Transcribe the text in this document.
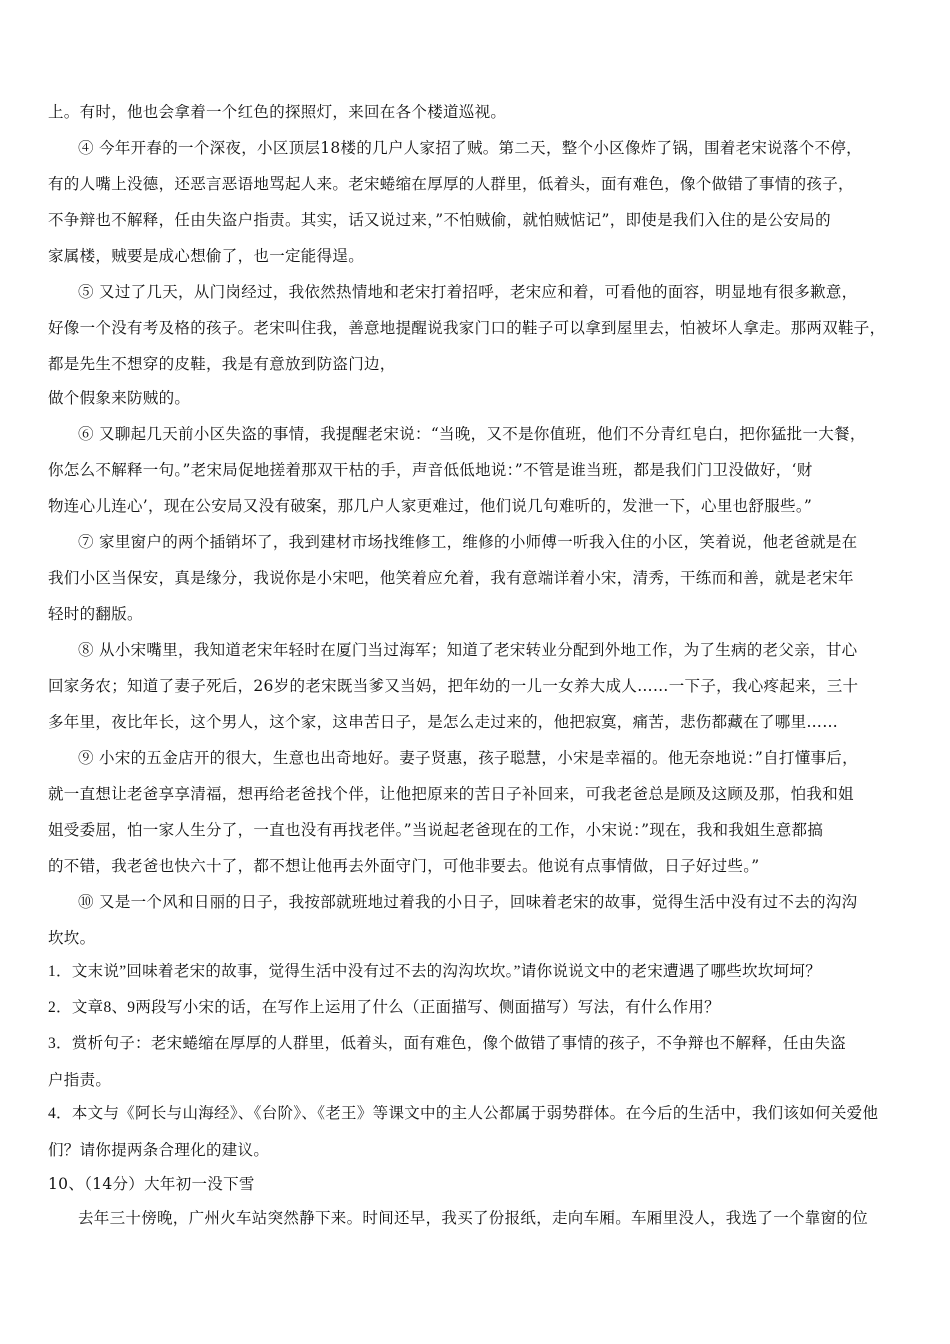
上。有时，他也会拿着一个红色的探照灯，来回在各个楼道巡视。
④ 今年开春的一个深夜，小区顶层18楼的几户人家招了贼。第二天，整个小区像炸了锅，围着老宋说落个不停，
有的人嘴上没德，还恶言恶语地骂起人来。老宋蜷缩在厚厚的人群里，低着头，面有难色，像个做错了事情的孩子，
不争辩也不解释，任由失盗户指责。其实，话又说过来，”不怕贼偷，就怕贼惦记”，即使是我们入住的是公安局的
家属楼，贼要是成心想偷了，也一定能得逞。
⑤ 又过了几天，从门岗经过，我依然热情地和老宋打着招呼，老宋应和着，可看他的面容，明显地有很多歉意，
好像一个没有考及格的孩子。老宋叫住我，善意地提醒说我家门口的鞋子可以拿到屋里去，怕被坏人拿走。那两双鞋子，
都是先生不想穿的皮鞋，我是有意放到防盗门边，
做个假象来防贼的。
⑥ 又聊起几天前小区失盗的事情，我提醒老宋说：“当晚，又不是你值班，他们不分青红皂白，把你猛批一大餐，
你怎么不解释一句。”老宋局促地搓着那双干枯的手，声音低低地说：”不管是谁当班，都是我们门卫没做好，‘财
物连心儿连心’，现在公安局又没有破案，那几户人家更难过，他们说几句难听的，发泄一下，心里也舒服些。”
⑦ 家里窗户的两个插销坏了，我到建材市场找维修工，维修的小师傅一听我入住的小区，笑着说，他老爸就是在
我们小区当保安，真是缘分，我说你是小宋吧，他笑着应允着，我有意端详着小宋，清秀，干练而和善，就是老宋年
轻时的翻版。
⑧ 从小宋嘴里，我知道老宋年轻时在厦门当过海军；知道了老宋转业分配到外地工作，为了生病的老父亲，甘心
回家务农；知道了妻子死后，26岁的老宋既当爹又当妈，把年幼的一儿一女养大成人……一下子，我心疼起来，三十
多年里，夜比年长，这个男人，这个家，这串苦日子，是怎么走过来的，他把寂寞，痛苦，悲伤都藏在了哪里……
⑨ 小宋的五金店开的很大，生意也出奇地好。妻子贤惠，孩子聪慧，小宋是幸福的。他无奈地说：”自打懂事后，
就一直想让老爸享享清福，想再给老爸找个伴，让他把原来的苦日子补回来，可我老爸总是顾及这顾及那，怕我和姐
姐受委屈，怕一家人生分了，一直也没有再找老伴。”当说起老爸现在的工作，小宋说：”现在，我和我姐生意都搞
的不错，我老爸也快六十了，都不想让他再去外面守门，可他非要去。他说有点事情做，日子好过些。”
⑩ 又是一个风和日丽的日子，我按部就班地过着我的小日子，回味着老宋的故事，觉得生活中没有过不去的沟沟
坎坎。
1．文末说”回味着老宋的故事，觉得生活中没有过不去的沟沟坎坎。”请你说说文中的老宋遭遇了哪些坎坎坷坷？
2．文章8、9两段写小宋的话，在写作上运用了什么（正面描写、侧面描写）写法，有什么作用？
3．赏析句子：老宋蜷缩在厚厚的人群里，低着头，面有难色，像个做错了事情的孩子，不争辩也不解释，任由失盗
户指责。
4．本文与《阿长与山海经》、《台阶》、《老王》等课文中的主人公都属于弱势群体。在今后的生活中，我们该如何关爱他
们？请你提两条合理化的建议。
10、（14分）大年初一没下雪
去年三十傍晚，广州火车站突然静下来。时间还早，我买了份报纸，走向车厢。车厢里没人，我选了一个靠窗的位
